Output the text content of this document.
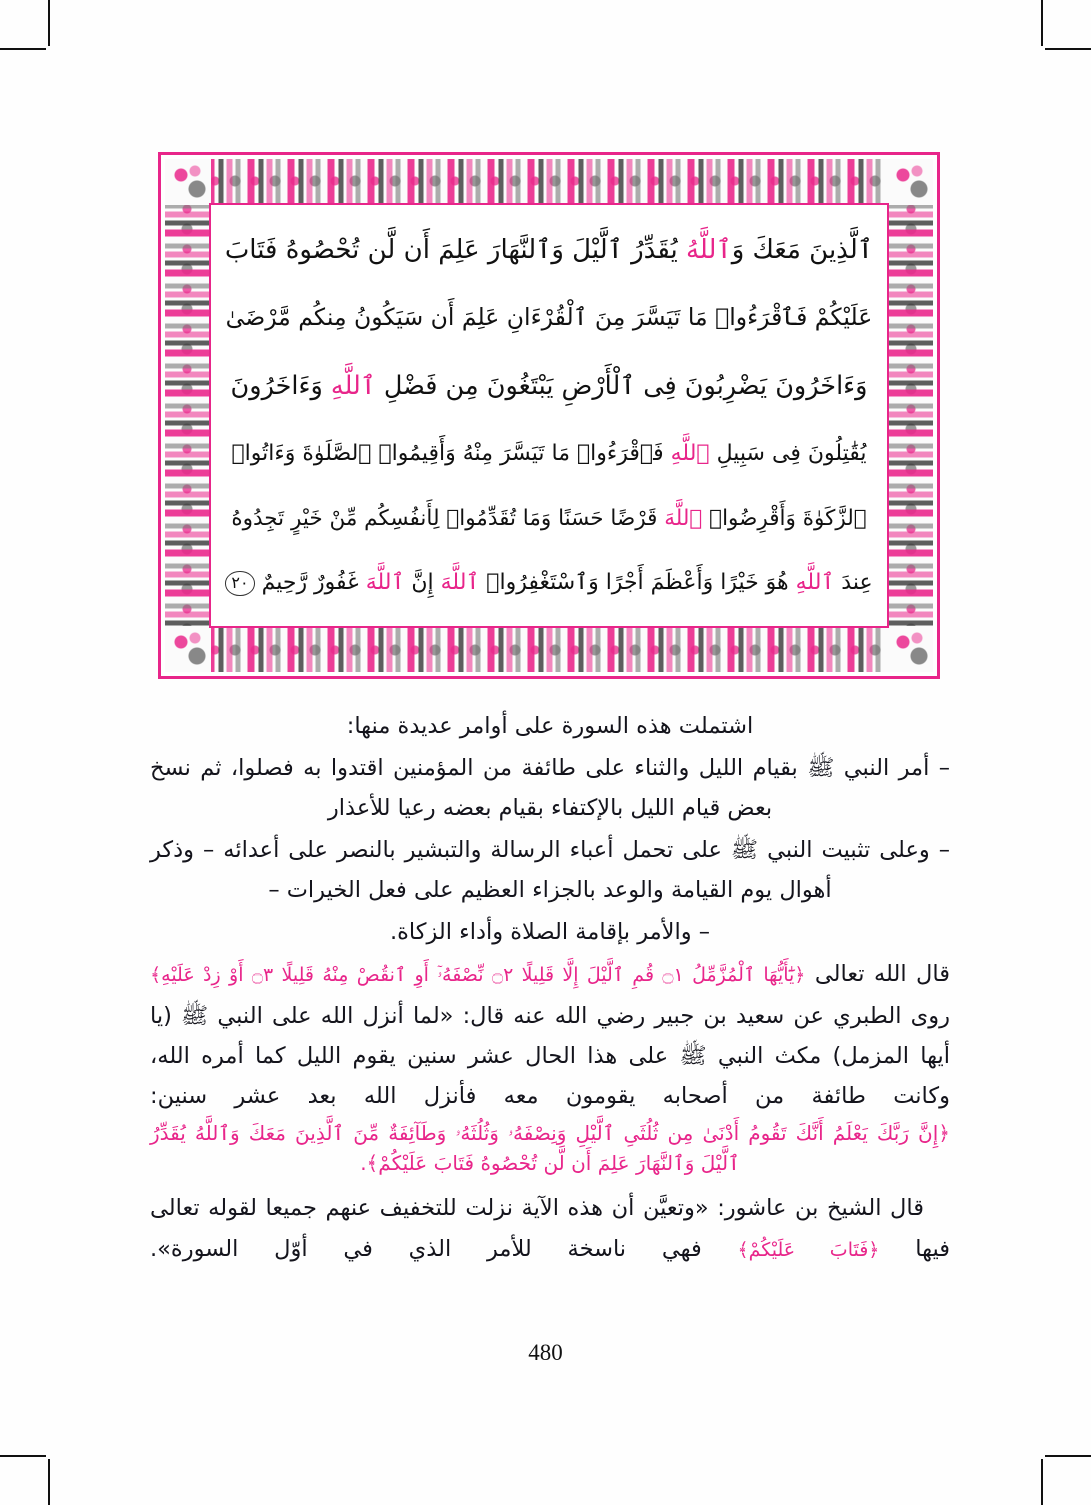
ٱلَّذِينَ مَعَكَ وَٱللَّهُ يُقَدِّرُ ٱلَّيْلَ وَٱلنَّهَارَ عَلِمَ أَن لَّن تُحْصُوهُ فَتَابَ
عَلَيْكُمْ فَٱقْرَءُوا۟ مَا تَيَسَّرَ مِنَ ٱلْقُرْءَانِ عَلِمَ أَن سَيَكُونُ مِنكُم مَّرْضَىٰ
وَءَاخَرُونَ يَضْرِبُونَ فِى ٱلْأَرْضِ يَبْتَغُونَ مِن فَضْلِ ٱللَّهِ وَءَاخَرُونَ
يُقَٰتِلُونَ فِى سَبِيلِ ٱللَّهِ فَٱقْرَءُوا۟ مَا تَيَسَّرَ مِنْهُ وَأَقِيمُوا۟ ٱلصَّلَوٰةَ وَءَاتُوا۟
ٱلزَّكَوٰةَ وَأَقْرِضُوا۟ ٱللَّهَ قَرْضًا حَسَنًا وَمَا تُقَدِّمُوا۟ لِأَنفُسِكُم مِّنْ خَيْرٍ تَجِدُوهُ
عِندَ ٱللَّهِ هُوَ خَيْرًا وَأَعْظَمَ أَجْرًا وَٱسْتَغْفِرُوا۟ ٱللَّهَ إِنَّ ٱللَّهَ غَفُورٌ رَّحِيمٌ ٢٠

اشتملت هذه السورة على أوامر عديدة منها:

– أمر النبي ﷺ بقيام الليل والثناء على طائفة من المؤمنين اقتدوا به فصلوا، ثم نسخ بعض قيام الليل بالإكتفاء بقيام بعضه رعيا للأعذار

– وعلى تثبيت النبي ﷺ على تحمل أعباء الرسالة والتبشير بالنصر على أعدائه – وذكر أهوال يوم القيامة والوعد بالجزاء العظيم على فعل الخيرات –

– والأمر بإقامة الصلاة وأداء الزكاة.

قال الله تعالى ﴿يَٰٓأَيُّهَا ٱلْمُزَّمِّلُ ۝١ قُمِ ٱلَّيْلَ إِلَّا قَلِيلًا ۝٢ نِّصْفَهُۥٓ أَوِ ٱنقُصْ مِنْهُ قَلِيلًا ۝٣ أَوْ زِدْ عَلَيْهِ﴾

روى الطبري عن سعيد بن جبير رضي الله عنه قال: «لما أنزل الله على النبي ﷺ (يا أيها المزمل) مكث النبي ﷺ على هذا الحال عشر سنين يقوم الليل كما أمره الله، وكانت طائفة من أصحابه يقومون معه فأنزل الله بعد عشر سنين:

﴿إِنَّ رَبَّكَ يَعْلَمُ أَنَّكَ تَقُومُ أَدْنَىٰ مِن ثُلُثَىِ ٱلَّيْلِ وَنِصْفَهُۥ وَثُلُثَهُۥ وَطَآئِفَةٌ مِّنَ ٱلَّذِينَ مَعَكَ وَٱللَّهُ يُقَدِّرُ ٱلَّيْلَ وَٱلنَّهَارَ عَلِمَ أَن لَّن تُحْصُوهُ فَتَابَ عَلَيْكُمْ﴾.

قال الشيخ بن عاشور: «وتعيَّن أن هذه الآية نزلت للتخفيف عنهم جميعا لقوله تعالى فيها ﴿فَتَابَ عَلَيْكُمْ﴾ فهي ناسخة للأمر الذي في أوّل السورة».

480
